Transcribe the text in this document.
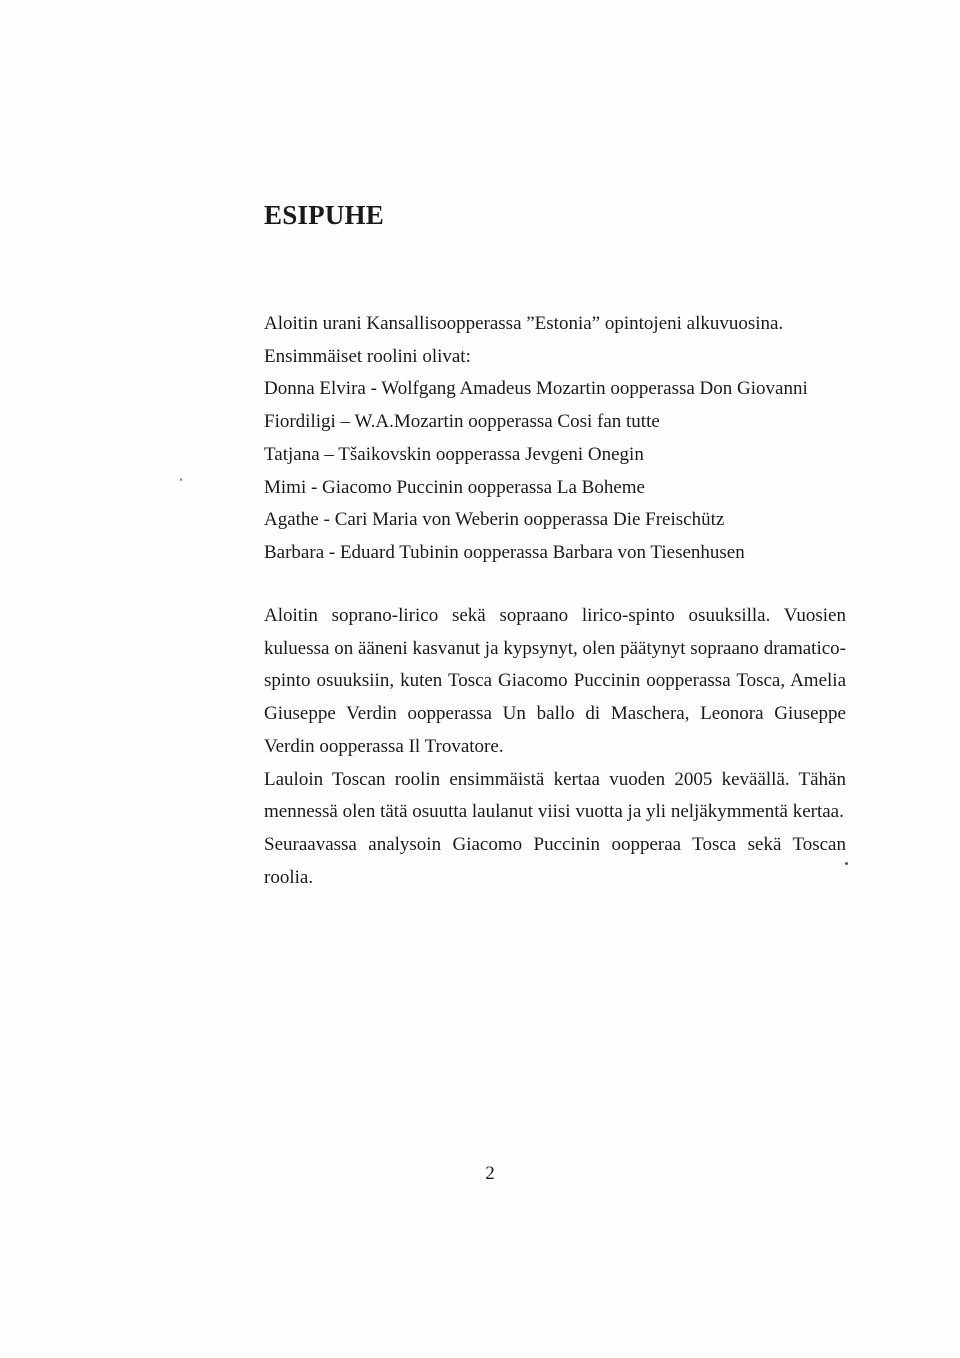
ESIPUHE
Aloitin urani Kansallisoopperassa ”Estonia” opintojeni alkuvuosina.
Ensimmäiset roolini olivat:
Donna Elvira - Wolfgang Amadeus Mozartin oopperassa Don Giovanni
Fiordiligi – W.A.Mozartin oopperassa Cosi fan tutte
Tatjana – Tšaikovskin oopperassa Jevgeni Onegin
Mimi - Giacomo Puccinin oopperassa La Boheme
Agathe - Cari Maria von Weberin oopperassa Die Freischütz
Barbara - Eduard Tubinin oopperassa Barbara von Tiesenhusen

Aloitin soprano-lirico sekä sopraano lirico-spinto osuuksilla. Vuosien kuluessa on ääneni kasvanut ja kypsynyt, olen päätynyt sopraano dramatico-spinto osuuksiin, kuten Tosca Giacomo Puccinin oopperassa Tosca, Amelia Giuseppe Verdin oopperassa Un ballo di Maschera, Leonora Giuseppe Verdin oopperassa Il Trovatore.

Lauloin Toscan roolin ensimmäistä kertaa vuoden 2005 keväällä. Tähän mennessä olen tätä osuutta laulanut viisi vuotta ja yli neljäkymmentä kertaa.

Seuraavassa analysoin Giacomo Puccinin oopperaa Tosca sekä Toscan roolia.

2
